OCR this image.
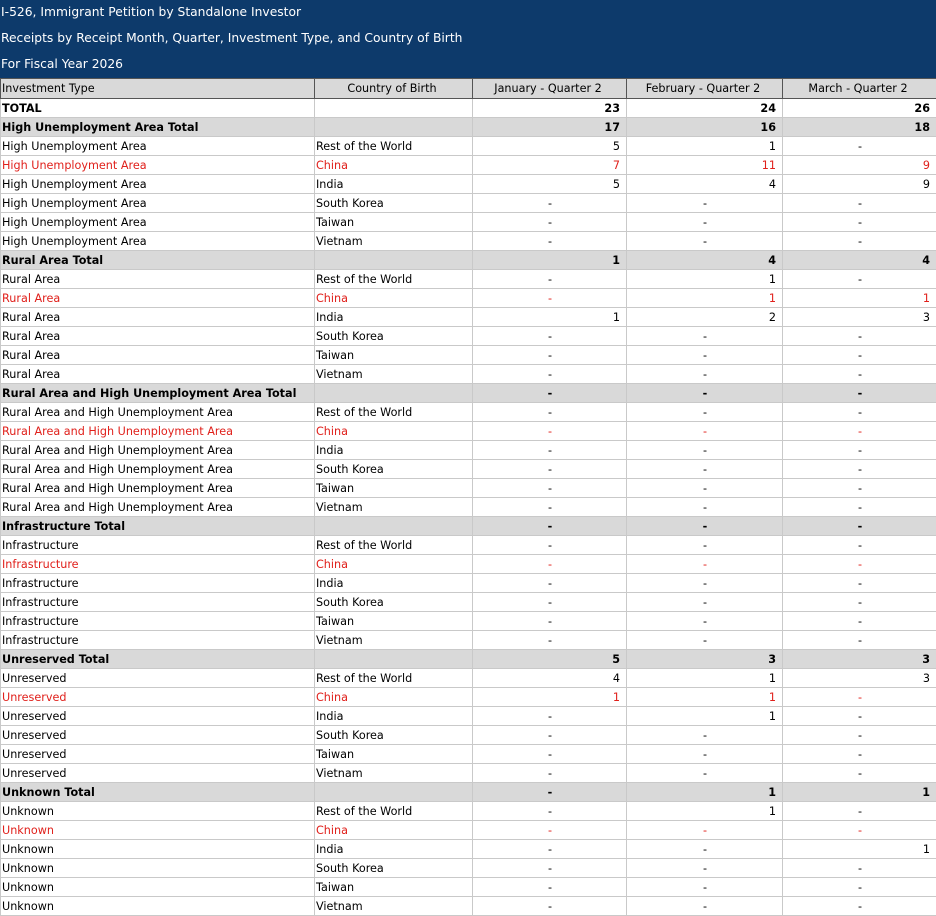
I-526, Immigrant Petition by Standalone Investor
Receipts by Receipt Month, Quarter, Investment Type, and Country of Birth
For Fiscal Year 2026
Investment Type	Country of Birth	January - Quarter 2	February - Quarter 2	March - Quarter 2
TOTAL		23	24	26
High Unemployment Area Total		17	16	18
High Unemployment Area	Rest of the World	5	1	-
High Unemployment Area	China	7	11	9
High Unemployment Area	India	5	4	9
High Unemployment Area	South Korea	-	-	-
High Unemployment Area	Taiwan	-	-	-
High Unemployment Area	Vietnam	-	-	-
Rural Area Total		1	4	4
Rural Area	Rest of the World	-	1	-
Rural Area	China	-	1	1
Rural Area	India	1	2	3
Rural Area	South Korea	-	-	-
Rural Area	Taiwan	-	-	-
Rural Area	Vietnam	-	-	-
Rural Area and High Unemployment Area Total		-	-	-
Rural Area and High Unemployment Area	Rest of the World	-	-	-
Rural Area and High Unemployment Area	China	-	-	-
Rural Area and High Unemployment Area	India	-	-	-
Rural Area and High Unemployment Area	South Korea	-	-	-
Rural Area and High Unemployment Area	Taiwan	-	-	-
Rural Area and High Unemployment Area	Vietnam	-	-	-
Infrastructure Total		-	-	-
Infrastructure	Rest of the World	-	-	-
Infrastructure	China	-	-	-
Infrastructure	India	-	-	-
Infrastructure	South Korea	-	-	-
Infrastructure	Taiwan	-	-	-
Infrastructure	Vietnam	-	-	-
Unreserved Total		5	3	3
Unreserved	Rest of the World	4	1	3
Unreserved	China	1	1	-
Unreserved	India	-	1	-
Unreserved	South Korea	-	-	-
Unreserved	Taiwan	-	-	-
Unreserved	Vietnam	-	-	-
Unknown Total		-	1	1
Unknown	Rest of the World	-	1	-
Unknown	China	-	-	-
Unknown	India	-	-	1
Unknown	South Korea	-	-	-
Unknown	Taiwan	-	-	-
Unknown	Vietnam	-	-	-
